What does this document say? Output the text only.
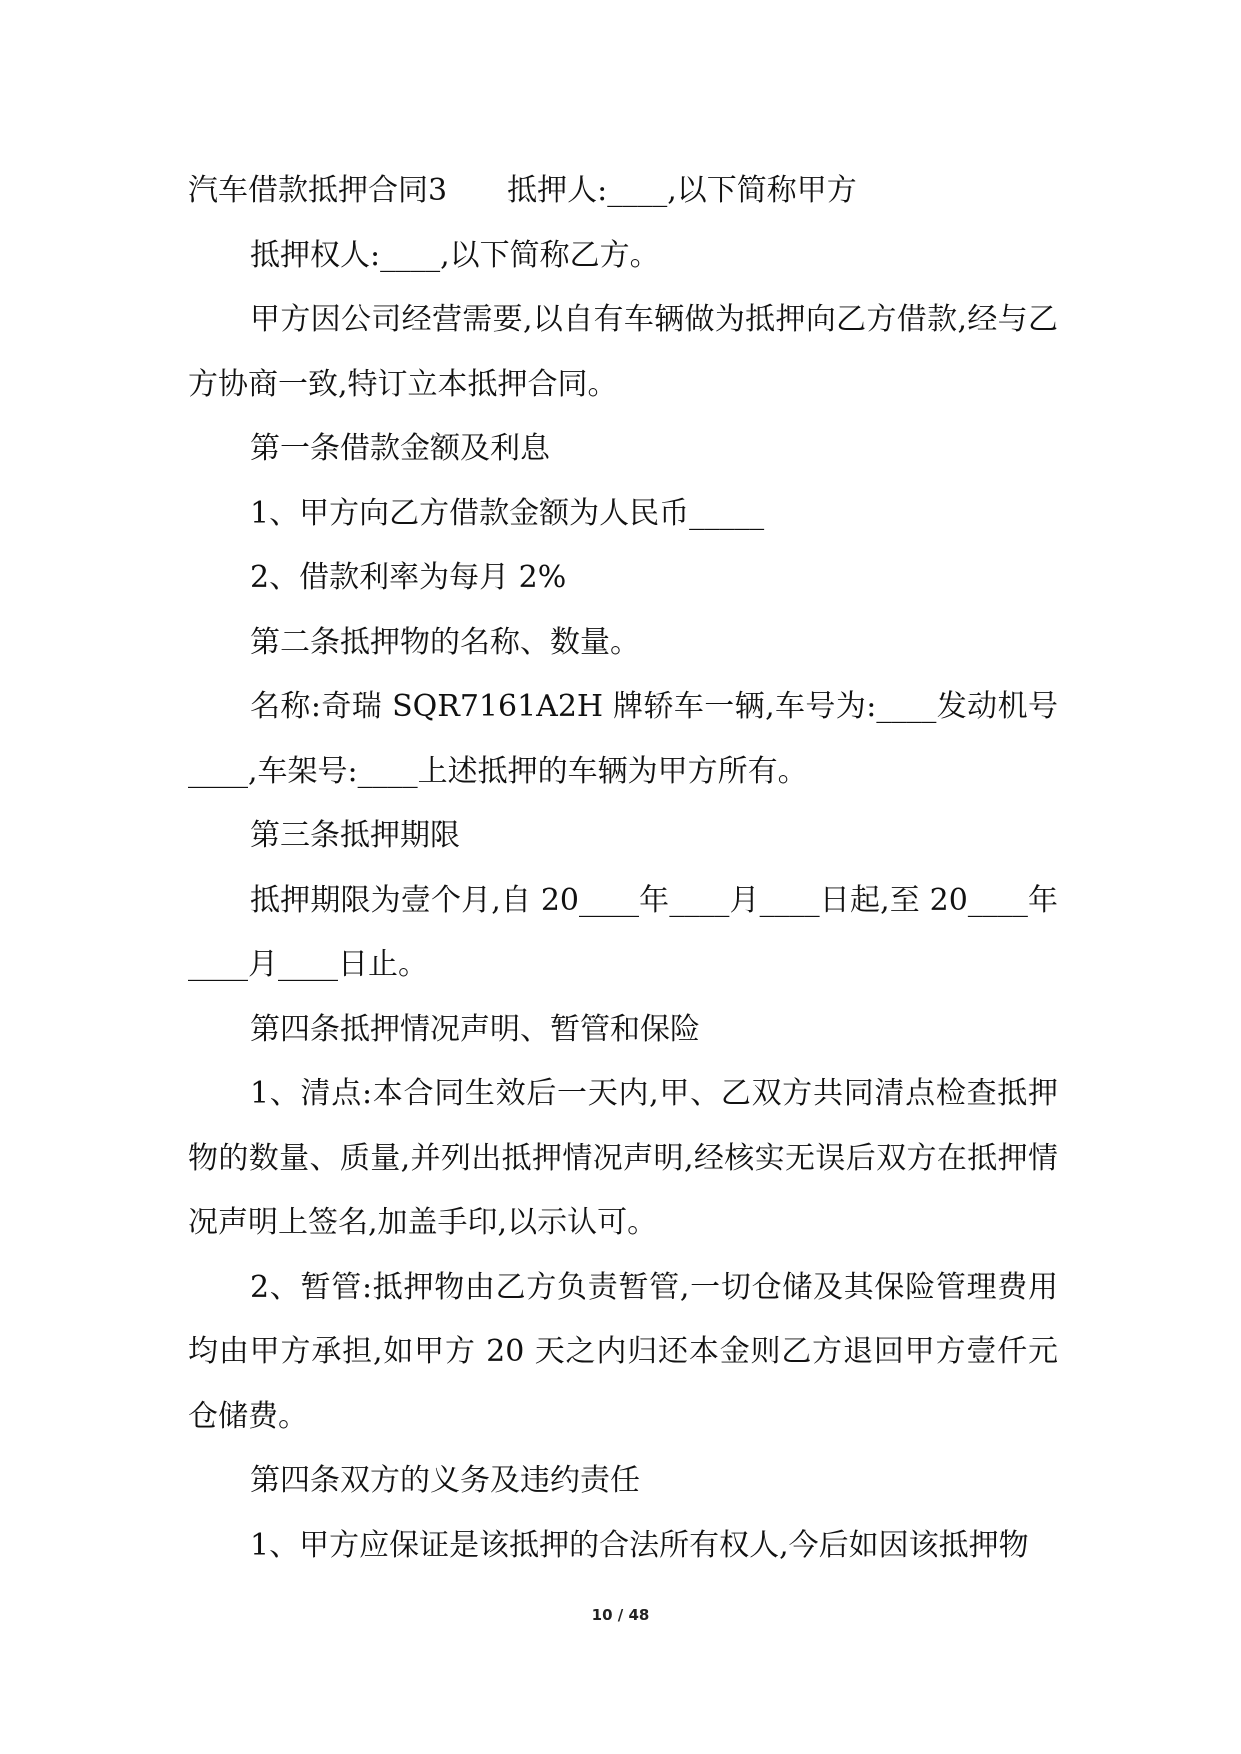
汽车借款抵押合同3　　抵押人:____,以下简称甲方

抵押权人:____,以下简称乙方。

甲方因公司经营需要,以自有车辆做为抵押向乙方借款,经与乙方协商一致,特订立本抵押合同。

第一条借款金额及利息

1、甲方向乙方借款金额为人民币_____

2、借款利率为每月 2%

第二条抵押物的名称、数量。

名称:奇瑞 SQR7161A2H 牌轿车一辆,车号为:____发动机号____,车架号:____上述抵押的车辆为甲方所有。

第三条抵押期限

抵押期限为壹个月,自 20____年____月____日起,至 20____年____月____日止。

第四条抵押情况声明、暂管和保险

1、清点:本合同生效后一天内,甲、乙双方共同清点检查抵押物的数量、质量,并列出抵押情况声明,经核实无误后双方在抵押情况声明上签名,加盖手印,以示认可。

2、暂管:抵押物由乙方负责暂管,一切仓储及其保险管理费用均由甲方承担,如甲方 20 天之内归还本金则乙方退回甲方壹仟元仓储费。

第四条双方的义务及违约责任

1、甲方应保证是该抵押的合法所有权人,今后如因该抵押物

10 / 48
